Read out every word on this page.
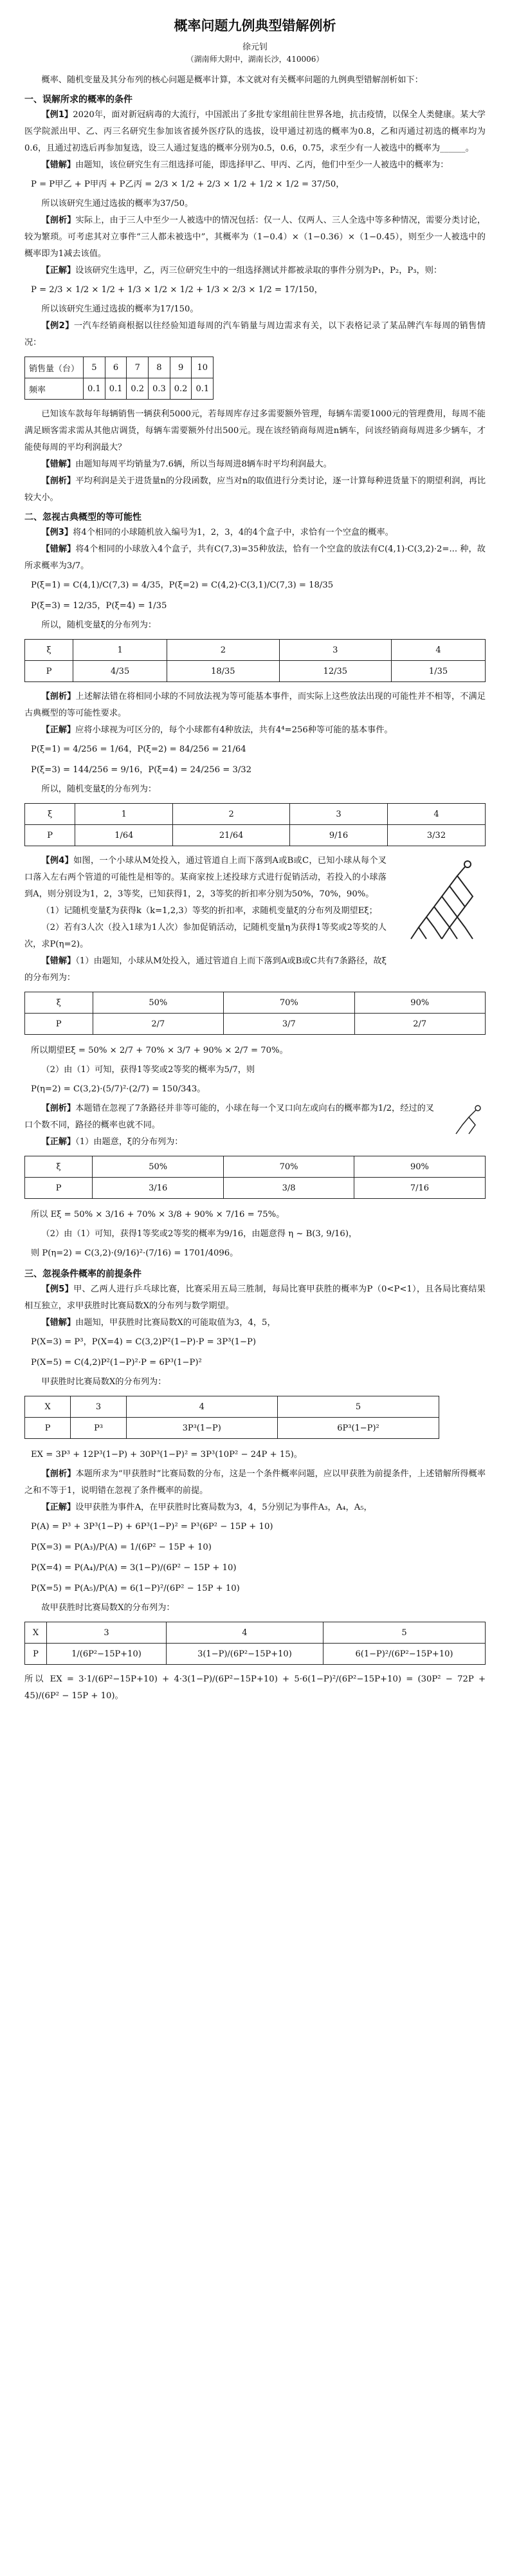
概率问题九例典型错解例析
徐元钊
（湖南师大附中，湖南长沙，410006）

概率、随机变量及其分布列的核心问题是概率计算，本文就对有关概率问题的九例典型错解剖析如下：

一、误解所求的概率的条件

【例1】2020年，面对新冠病毒的大流行，中国派出了多批专家组前往世界各地，抗击疫情，以保全人类健康。某大学医学院派出甲、乙、丙三名研究生参加该省援外医疗队的选拔，设甲通过初选的概率为0.8，乙和丙通过初选的概率均为0.6，且通过初选后再参加复选，设三人通过复选的概率分别为0.5，0.6，0.75，求至少有一人被选中的概率为______。

【错解】由题知，该位研究生有三组选择可能，即选择甲乙、甲丙、乙丙，他们中至少一人被选中的概率为：

P = P甲乙 + P甲丙 + P乙丙 = 2/3 × 1/2 + 2/3 × 1/2 + 1/2 × 1/2 = 37/50，

所以该研究生通过选拔的概率为37/50。

【剖析】实际上，由于三人中至少一人被选中的情况包括：仅一人、仅两人、三人全选中等多种情况，需要分类讨论，较为繁琐。可考虑其对立事件“三人都未被选中”，其概率为（1−0.4）×（1−0.36）×（1−0.45），则至少一人被选中的概率即为1减去该值。

【正解】设该研究生选甲，乙，丙三位研究生中的一组选择测试并都被录取的事件分别为P₁，P₂，P₃，则：

P = 2/3 × 1/2 × 1/2 + 1/3 × 1/2 × 1/2 + 1/3 × 2/3 × 1/2 = 17/150，

所以该研究生通过选拔的概率为17/150。

【例2】一汽车经销商根据以往经验知道每周的汽车销量与周边需求有关，以下表格记录了某品牌汽车每周的销售情况：

销售量（台）	5	6	7	8	9	10
频率	0.1	0.1	0.2	0.3	0.2	0.1

已知该车款每年每辆销售一辆获利5000元，若每周库存过多需要额外管理，每辆车需要1000元的管理费用，每周不能满足顾客需求需从其他店调货，每辆车需要额外付出500元。现在该经销商每周进n辆车，问该经销商每周进多少辆车，才能使每周的平均利润最大？

【错解】由题知每周平均销量为7.6辆，所以当每周进8辆车时平均利润最大。

【剖析】平均利润是关于进货量n的分段函数，应当对n的取值进行分类讨论，逐一计算每种进货量下的期望利润，再比较大小。

二、忽视古典概型的等可能性

【例3】将4个相同的小球随机放入编号为1，2，3，4的4个盒子中，求恰有一个空盒的概率。

【错解】将4个相同的小球放入4个盒子，共有C(7,3)=35种放法，恰有一个空盒的放法有C(4,1)·C(3,2)·2=... 种，故所求概率为3/7。

P(ξ=1) = C(4,1)/C(7,3) = 4/35，P(ξ=2) = C(4,2)·C(3,1)/C(7,3) = 18/35
P(ξ=3) = 12/35，P(ξ=4) = 1/35

所以，随机变量ξ的分布列为：

ξ	1	2	3	4
P	4/35	18/35	12/35	1/35

【剖析】上述解法错在将相同小球的不同放法视为等可能基本事件，而实际上这些放法出现的可能性并不相等，不满足古典概型的等可能性要求。

【正解】应将小球视为可区分的，每个小球都有4种放法，共有4⁴=256种等可能的基本事件。

P(ξ=1) = 4/256 = 1/64，P(ξ=2) = 84/256 = 21/64
P(ξ=3) = 144/256 = 9/16，P(ξ=4) = 24/256 = 3/32

所以，随机变量ξ的分布列为：

ξ	1	2	3	4
P	1/64	21/64	9/16	3/32

【例4】如图，一个小球从M处投入，通过管道自上而下落到A或B或C，已知小球从每个叉口落入左右两个管道的可能性是相等的。某商家按上述投球方式进行促销活动，若投入的小球落到A，则分别设为1，2，3等奖，已知获得1，2，3等奖的折扣率分别为50%，70%，90%。

（1）记随机变量ξ为获得k（k=1,2,3）等奖的折扣率，求随机变量ξ的分布列及期望Eξ；

（2）若有3人次（投入1球为1人次）参加促销活动，记随机变量η为获得1等奖或2等奖的人次，求P(η=2)。

【错解】（1）由题知，小球从M处投入，通过管道自上而下落到A或B或C共有7条路径，故ξ的分布列为：

ξ	50%	70%	90%
P	2/7	3/7	2/7
所以期望Eξ = 50% × 2/7 + 70% × 3/7 + 90% × 2/7 = 70%。

（2）由（1）可知，获得1等奖或2等奖的概率为5/7，则

P(η=2) = C(3,2)·(5/7)²·(2/7) = 150/343。

【剖析】本题错在忽视了7条路径并非等可能的，小球在每一个叉口向左或向右的概率都为1/2，经过的叉口个数不同，路径的概率也就不同。

【正解】（1）由题意，ξ的分布列为：

ξ	50%	70%	90%
P	3/16	3/8	7/16
所以 Eξ = 50% × 3/16 + 70% × 3/8 + 90% × 7/16 = 75%。

（2）由（1）可知，获得1等奖或2等奖的概率为9/16，由题意得 η ~ B(3, 9/16)，

则 P(η=2) = C(3,2)·(9/16)²·(7/16) = 1701/4096。
三、忽视条件概率的前提条件

【例5】甲、乙两人进行乒乓球比赛，比赛采用五局三胜制，每局比赛甲获胜的概率为P（0<P<1），且各局比赛结果相互独立，求甲获胜时比赛局数X的分布列与数学期望。

【错解】由题知，甲获胜时比赛局数X的可能取值为3，4，5，

P(X=3) = P³，P(X=4) = C(3,2)P²(1−P)·P = 3P³(1−P)
P(X=5) = C(4,2)P²(1−P)²·P = 6P³(1−P)²

甲获胜时比赛局数X的分布列为：

X	3	4	5
P	P³	3P³(1−P)	6P³(1−P)²
EX = 3P³ + 12P³(1−P) + 30P³(1−P)² = 3P³(10P² − 24P + 15)。

【剖析】本题所求为“甲获胜时”比赛局数的分布，这是一个条件概率问题，应以甲获胜为前提条件，上述错解所得概率之和不等于1，说明错在忽视了条件概率的前提。

【正解】设甲获胜为事件A，在甲获胜时比赛局数为3，4，5分别记为事件A₃，A₄，A₅，

P(A) = P³ + 3P³(1−P) + 6P³(1−P)² = P³(6P² − 15P + 10)
P(X=3) = P(A₃)/P(A) = 1/(6P² − 15P + 10)
P(X=4) = P(A₄)/P(A) = 3(1−P)/(6P² − 15P + 10)
P(X=5) = P(A₅)/P(A) = 6(1−P)²/(6P² − 15P + 10)

故甲获胜时比赛局数X的分布列为：

X	3	4	5
P	1/(6P²−15P+10)	3(1−P)/(6P²−15P+10)	6(1−P)²/(6P²−15P+10)

所以 EX = 3·1/(6P²−15P+10) + 4·3(1−P)/(6P²−15P+10) + 5·6(1−P)²/(6P²−15P+10) = (30P² − 72P + 45)/(6P² − 15P + 10)。
